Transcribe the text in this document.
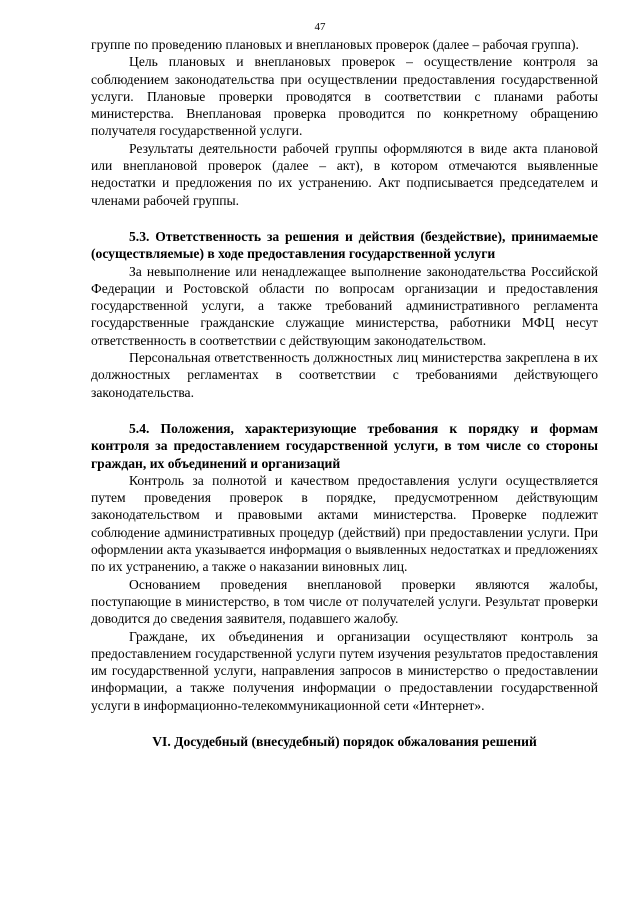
47

группе по проведению плановых и внеплановых проверок (далее – рабочая группа).

Цель плановых и внеплановых проверок – осуществление контроля за соблюдением законодательства при осуществлении предоставления государственной услуги. Плановые проверки проводятся в соответствии с планами работы министерства. Внеплановая проверка проводится по конкретному обращению получателя государственной услуги.

Результаты деятельности рабочей группы оформляются в виде акта плановой или внеплановой проверок (далее – акт), в котором отмечаются выявленные недостатки и предложения по их устранению. Акт подписывается председателем и членами рабочей группы.

5.3. Ответственность за решения и действия (бездействие), принимаемые (осуществляемые) в ходе предоставления государственной услуги

За невыполнение или ненадлежащее выполнение законодательства Российской Федерации и Ростовской области по вопросам организации и предоставления государственной услуги, а также требований административного регламента государственные гражданские служащие министерства, работники МФЦ несут ответственность в соответствии с действующим законодательством.

Персональная ответственность должностных лиц министерства закреплена в их должностных регламентах в соответствии с требованиями действующего законодательства.

5.4. Положения, характеризующие требования к порядку и формам контроля за предоставлением государственной услуги, в том числе со стороны граждан, их объединений и организаций

Контроль за полнотой и качеством предоставления услуги осуществляется путем проведения проверок в порядке, предусмотренном действующим законодательством и правовыми актами министерства. Проверке подлежит соблюдение административных процедур (действий) при предоставлении услуги. При оформлении акта указывается информация о выявленных недостатках и предложениях по их устранению, а также о наказании виновных лиц.

Основанием проведения внеплановой проверки являются жалобы, поступающие в министерство, в том числе от получателей услуги. Результат проверки доводится до сведения заявителя, подавшего жалобу.

Граждане, их объединения и организации осуществляют контроль за предоставлением государственной услуги путем изучения результатов предоставления им государственной услуги, направления запросов в министерство о предоставлении информации, а также получения информации о предоставлении государственной услуги в информационно-телекоммуникационной сети «Интернет».

VI. Досудебный (внесудебный) порядок обжалования решений
